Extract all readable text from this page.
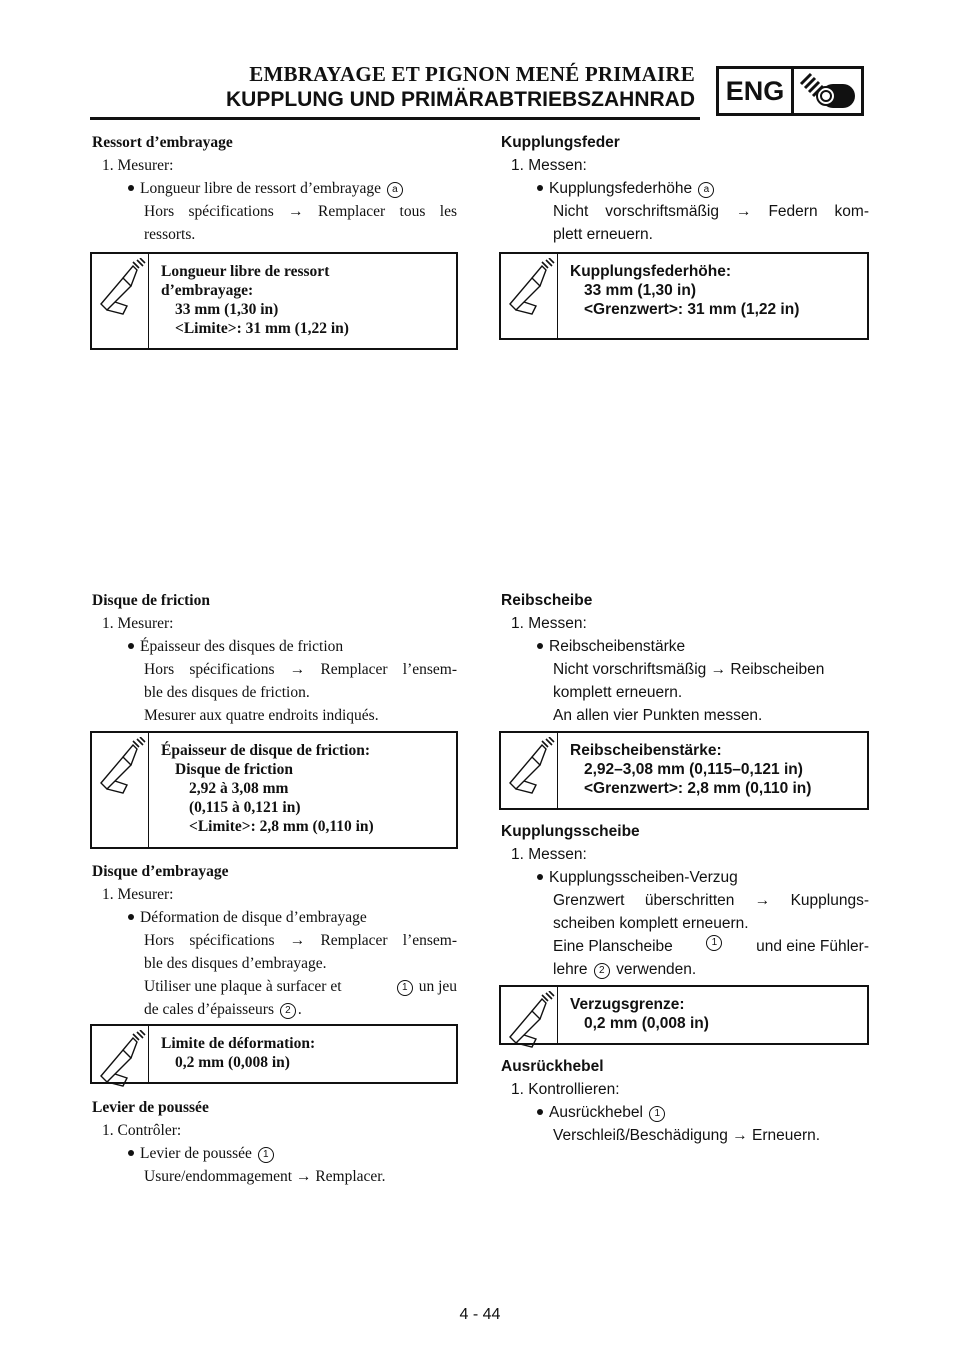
EMBRAYAGE ET PIGNON MENÉ PRIMAIRE
KUPPLUNG UND PRIMÄRABTRIEBSZAHNRAD ENG
Ressort d’embrayage
1. Mesurer:
Longueur libre de ressort d’embrayage a
Hors spécifications → Remplacer tous les
ressorts.
Longueur libre de ressort
d’embrayage:
33 mm (1,30 in)
<Limite>: 31 mm (1,22 in)
Kupplungsfeder
1. Messen:
Kupplungsfederhöhe a
Nicht vorschriftsmäßig → Federn kom-
plett erneuern.
Kupplungsfederhöhe:
33 mm (1,30 in)
<Grenzwert>: 31 mm (1,22 in)
Disque de friction
1. Mesurer:
Épaisseur des disques de friction
Hors spécifications → Remplacer l’ensem-
ble des disques de friction.
Mesurer aux quatre endroits indiqués.
Épaisseur de disque de friction:
Disque de friction
2,92 à 3,08 mm
(0,115 à 0,121 in)
<Limite>: 2,8 mm (0,110 in)
Reibscheibe
1. Messen:
Reibscheibenstärke
Nicht vorschriftsmäßig → Reibscheiben
komplett erneuern.
An allen vier Punkten messen.
Reibscheibenstärke:
2,92–3,08 mm (0,115–0,121 in)
<Grenzwert>: 2,8 mm (0,110 in)
Disque d’embrayage
1. Mesurer:
Déformation de disque d’embrayage
Hors spécifications → Remplacer l’ensem-
ble des disques d’embrayage.
Utiliser une plaque à surfacer et	1 un jeu
de cales d’épaisseurs 2 .
Limite de déformation:
0,2 mm (0,008 in)
Kupplungsscheibe
1. Messen:
Kupplungsscheiben-Verzug
Grenzwert überschritten → Kupplungs-
scheiben komplett erneuern.
Eine Planscheibe	1	und eine Fühler-
lehre 2 verwenden.
Verzugsgrenze:
0,2 mm (0,008 in)
Levier de poussée
1. Contrôler:
Levier de poussée 1
Usure/endommagement → Remplacer.
Ausrückhebel
1. Kontrollieren:
Ausrückhebel 1
Verschleiß/Beschädigung → Erneuern.
4 - 44
